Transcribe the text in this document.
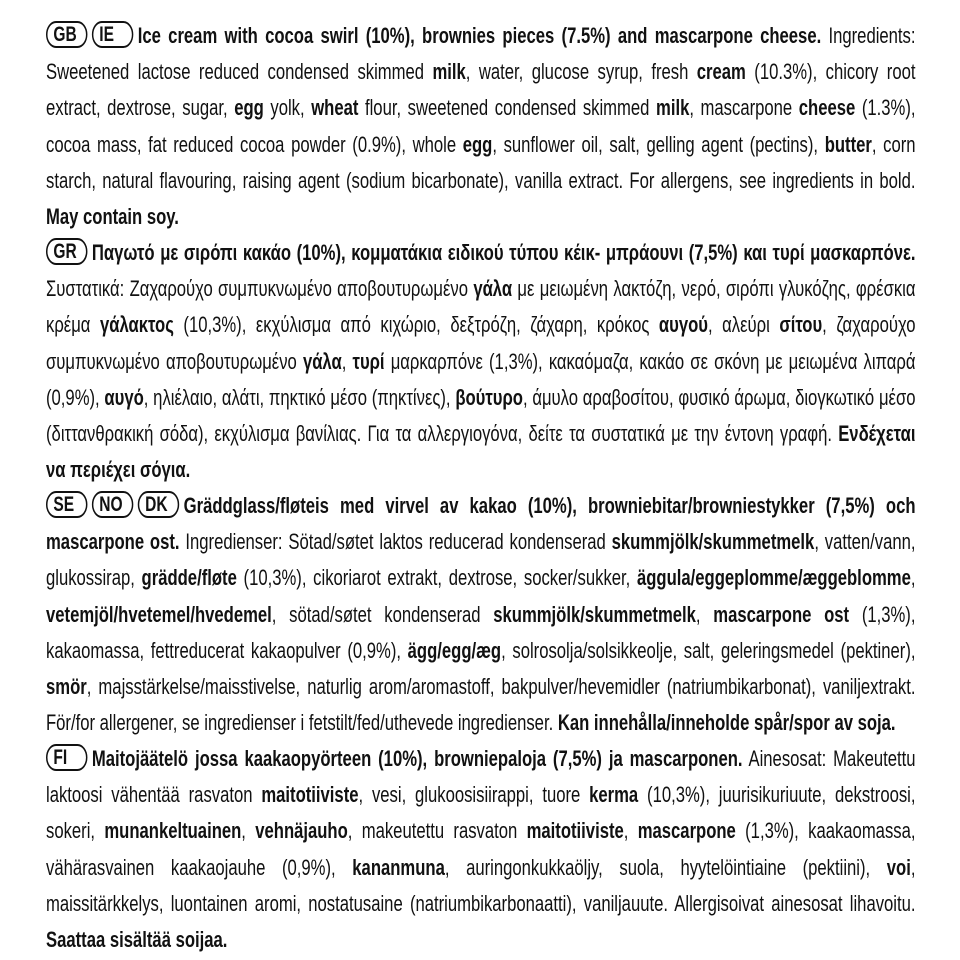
GB IE Ice cream with cocoa swirl (10%), brownies pieces (7.5%) and mascarpone cheese. Ingredients: Sweetened lactose reduced condensed skimmed milk, water, glucose syrup, fresh cream (10.3%), chicory root extract, dextrose, sugar, egg yolk, wheat flour, sweetened condensed skimmed milk, mascarpone cheese (1.3%), cocoa mass, fat reduced cocoa powder (0.9%), whole egg, sunflower oil, salt, gelling agent (pectins), butter, corn starch, natural flavouring, raising agent (sodium bicarbonate), vanilla extract. For allergens, see ingredients in bold. May contain soy.

GR Παγωτό με σιρόπι κακάο (10%), κομματάκια ειδικού τύπου κέικ- μπράουνι (7,5%) και τυρί μασκαρπόνε. Συστατικά: Ζαχαρούχο συμπυκνωμένο αποβουτυρωμένο γάλα με μειωμένη λακτόζη, νερό, σιρόπι γλυκόζης, φρέσκια κρέμα γάλακτος (10,3%), εκχύλισμα από κιχώριο, δεξτρόζη, ζάχαρη, κρόκος αυγού, αλεύρι σίτου, ζαχαρούχο συμπυκνωμένο αποβουτυρωμένο γάλα, τυρί μαρκαρπόνε (1,3%), κακαόμαζα, κακάο σε σκόνη με μειωμένα λιπαρά (0,9%), αυγό, ηλιέλαιο, αλάτι, πηκτικό μέσο (πηκτίνες), βούτυρο, άμυλο αραβοσίτου, φυσικό άρωμα, διογκωτικό μέσο (διττανθρακική σόδα), εκχύλισμα βανίλιας. Για τα αλλεργιογόνα, δείτε τα συστατικά με την έντονη γραφή. Ενδέχεται να περιέχει σόγια.

SE NO DK Gräddglass/fløteis med virvel av kakao (10%), browniebitar/browniestykker (7,5%) och mascarpone ost. Ingredienser: Sötad/søtet laktos reducerad kondenserad skummjölk/skummetmelk, vatten/vann, glukossirap, grädde/fløte (10,3%), cikoriarot extrakt, dextrose, socker/sukker, äggula/eggeplomme/æggeblomme, vetemjöl/hvetemel/hvedemel, sötad/søtet kondenserad skummjölk/skummetmelk, mascarpone ost (1,3%), kakaomassa, fettreducerat kakaopulver (0,9%), ägg/egg/æg, solrosolja/solsikkeolje, salt, geleringsmedel (pektiner), smör, majsstärkelse/maisstivelse, naturlig arom/aromastoff, bakpulver/hevemidler (natriumbikarbonat), vaniljextrakt. För/for allergener, se ingredienser i fetstilt/fed/uthevede ingredienser. Kan innehålla/inneholde spår/spor av soja.

FI Maitojäätelö jossa kaakaopyörteen (10%), browniepaloja (7,5%) ja mascarponen. Ainesosat: Makeutettu laktoosi vähentää rasvaton maitotiiviste, vesi, glukoosisiirappi, tuore kerma (10,3%), juurisikuriuute, dekstroosi, sokeri, munankeltuainen, vehnäjauho, makeutettu rasvaton maitotiiviste, mascarpone (1,3%), kaakaomassa, vähärasvainen kaakaojauhe (0,9%), kananmuna, auringonkukkaöljy, suola, hyytelöintiaine (pektiini), voi, maissitärkkelys, luontainen aromi, nostatusaine (natriumbikarbonaatti), vaniljauute. Allergisoivat ainesosat lihavoitu. Saattaa sisältää soijaa.
